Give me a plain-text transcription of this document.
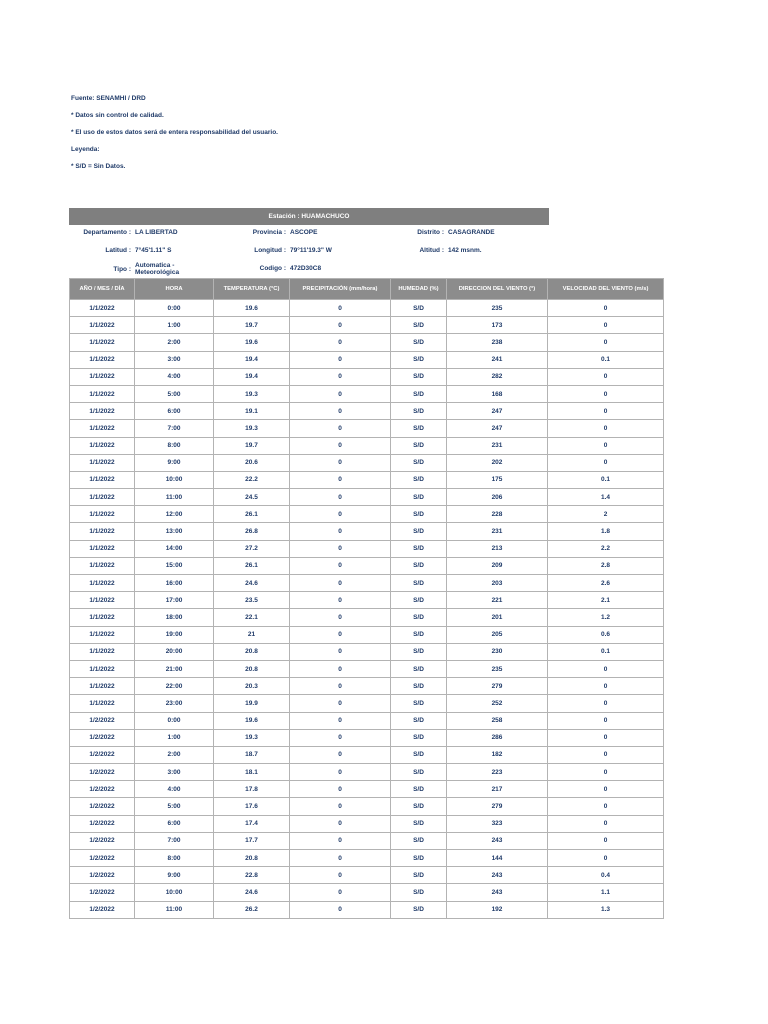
Fuente: SENAMHI / DRD

* Datos sin control de calidad.

* El uso de estos datos será de entera responsabilidad del usuario.

Leyenda:

* S/D = Sin Datos.

Estación : HUAMACHUCO
Departamento : LA LIBERTAD	Provincia : ASCOPE	Distrito : CASAGRANDE
Latitud : 7°45'1.11" S	Longitud : 79°11'19.3" W	Altitud : 142 msnm.
Tipo :Automatica -
Meteorológica
Codigo : 472D30C8
AÑO / MES / DÍA	HORA	TEMPERATURA (°C)	PRECIPITACIÓN (mm/hora)	HUMEDAD (%)	DIRECCION DEL VIENTO (°)	VELOCIDAD DEL VIENTO (m/s)
1/1/2022	0:00	19.6	0	S/D	235	0
1/1/2022	1:00	19.7	0	S/D	173	0
1/1/2022	2:00	19.6	0	S/D	238	0
1/1/2022	3:00	19.4	0	S/D	241	0.1
1/1/2022	4:00	19.4	0	S/D	282	0
1/1/2022	5:00	19.3	0	S/D	168	0
1/1/2022	6:00	19.1	0	S/D	247	0
1/1/2022	7:00	19.3	0	S/D	247	0
1/1/2022	8:00	19.7	0	S/D	231	0
1/1/2022	9:00	20.6	0	S/D	202	0
1/1/2022	10:00	22.2	0	S/D	175	0.1
1/1/2022	11:00	24.5	0	S/D	206	1.4
1/1/2022	12:00	26.1	0	S/D	228	2
1/1/2022	13:00	26.8	0	S/D	231	1.8
1/1/2022	14:00	27.2	0	S/D	213	2.2
1/1/2022	15:00	26.1	0	S/D	209	2.8
1/1/2022	16:00	24.6	0	S/D	203	2.6
1/1/2022	17:00	23.5	0	S/D	221	2.1
1/1/2022	18:00	22.1	0	S/D	201	1.2
1/1/2022	19:00	21	0	S/D	205	0.6
1/1/2022	20:00	20.8	0	S/D	230	0.1
1/1/2022	21:00	20.8	0	S/D	235	0
1/1/2022	22:00	20.3	0	S/D	279	0
1/1/2022	23:00	19.9	0	S/D	252	0
1/2/2022	0:00	19.6	0	S/D	258	0
1/2/2022	1:00	19.3	0	S/D	286	0
1/2/2022	2:00	18.7	0	S/D	182	0
1/2/2022	3:00	18.1	0	S/D	223	0
1/2/2022	4:00	17.8	0	S/D	217	0
1/2/2022	5:00	17.6	0	S/D	279	0
1/2/2022	6:00	17.4	0	S/D	323	0
1/2/2022	7:00	17.7	0	S/D	243	0
1/2/2022	8:00	20.8	0	S/D	144	0
1/2/2022	9:00	22.8	0	S/D	243	0.4
1/2/2022	10:00	24.6	0	S/D	243	1.1
1/2/2022	11:00	26.2	0	S/D	192	1.3
